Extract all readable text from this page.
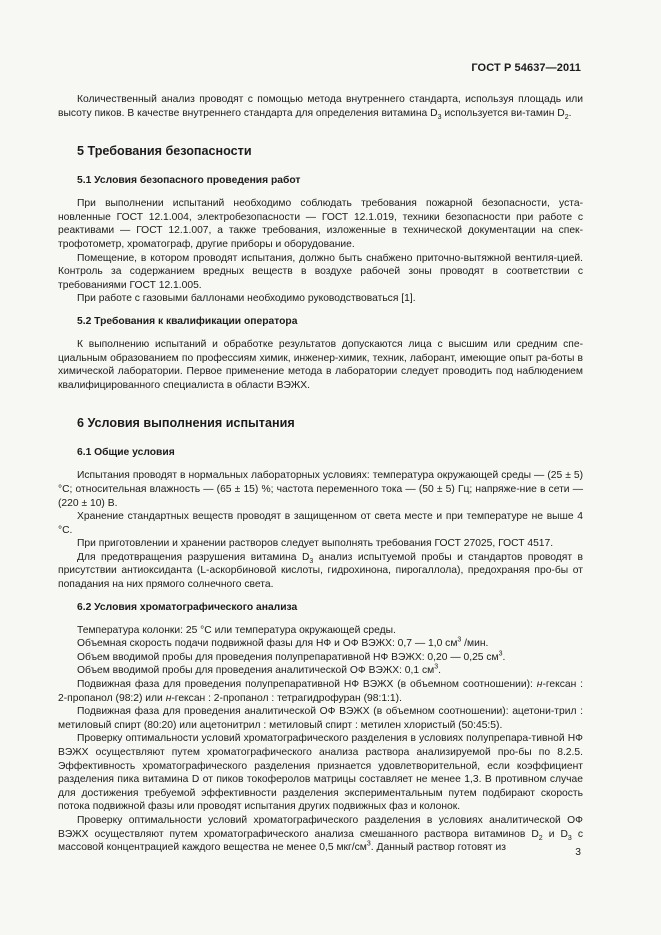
ГОСТ Р 54637—2011

Количественный анализ проводят с помощью метода внутреннего стандарта, используя площадь или высоту пиков. В качестве внутреннего стандарта для определения витамина $D_3$ используется ви-тамин $D_2$.

5 Требования безопасности
5.1 Условия безопасного проведения работ

При выполнении испытаний необходимо соблюдать требования пожарной безопасности, уста-новленные ГОСТ 12.1.004, электробезопасности — ГОСТ 12.1.019, техники безопасности при работе с реактивами — ГОСТ 12.1.007, а также требования, изложенные в технической документации на спек-трофотометр, хроматограф, другие приборы и оборудование.

Помещение, в котором проводят испытания, должно быть снабжено приточно-вытяжной вентиля-цией. Контроль за содержанием вредных веществ в воздухе рабочей зоны проводят в соответствии с требованиями ГОСТ 12.1.005.

При работе с газовыми баллонами необходимо руководствоваться [1].

5.2 Требования к квалификации оператора

К выполнению испытаний и обработке результатов допускаются лица с высшим или средним спе-циальным образованием по профессиям химик, инженер-химик, техник, лаборант, имеющие опыт ра-боты в химической лаборатории. Первое применение метода в лаборатории следует проводить под наблюдением квалифицированного специалиста в области ВЭЖХ.

6 Условия выполнения испытания
6.1 Общие условия

Испытания проводят в нормальных лабораторных условиях: температура окружающей среды — (25 ± 5) °С; относительная влажность — (65 ± 15) %; частота переменного тока — (50 ± 5) Гц; напряже-ние в сети — (220 ± 10) В.

Хранение стандартных веществ проводят в защищенном от света месте и при температуре не выше 4 °С.

При приготовлении и хранении растворов следует выполнять требования ГОСТ 27025, ГОСТ 4517.

Для предотвращения разрушения витамина $D_3$ анализ испытуемой пробы и стандартов проводят в присутствии антиоксиданта (L-аскорбиновой кислоты, гидрохинона, пирогаллола), предохраняя про-бы от попадания на них прямого солнечного света.

6.2 Условия хроматографического анализа

Температура колонки: 25 °С или температура окружающей среды.

Объемная скорость подачи подвижной фазы для НФ и ОФ ВЭЖХ: 0,7 — 1,0 $см^3$ /мин.

Объем вводимой пробы для проведения полупрепаративной НФ ВЭЖХ: 0,20 — 0,25 $см^3$.

Объем вводимой пробы для проведения аналитической ОФ ВЭЖХ: 0,1 $см^3$.

Подвижная фаза для проведения полупрепаративной НФ ВЭЖХ (в объемном соотношении): н-гексан : 2-пропанол (98:2) или н-гексан : 2-пропанол : тетрагидрофуран (98:1:1).

Подвижная фаза для проведения аналитической ОФ ВЭЖХ (в объемном соотношении): ацетони-трил : метиловый спирт (80:20) или ацетонитрил : метиловый спирт : метилен хлористый (50:45:5).

Проверку оптимальности условий хроматографического разделения в условиях полупрепара-тивной НФ ВЭЖХ осуществляют путем хроматографического анализа раствора анализируемой про-бы по 8.2.5. Эффективность хроматографического разделения признается удовлетворительной, если коэффициент разделения пика витамина D от пиков токоферолов матрицы составляет не менее 1,3. В противном случае для достижения требуемой эффективности разделения экспериментальным путем подбирают скорость потока подвижной фазы или проводят испытания других подвижных фаз и колонок.

Проверку оптимальности условий хроматографического разделения в условиях аналитической ОФ ВЭЖХ осуществляют путем хроматографического анализа смешанного раствора витаминов $D_2$ и $D_3$ с массовой концентрацией каждого вещества не менее 0,5 мкг/$см^3$. Данный раствор готовят из	3
